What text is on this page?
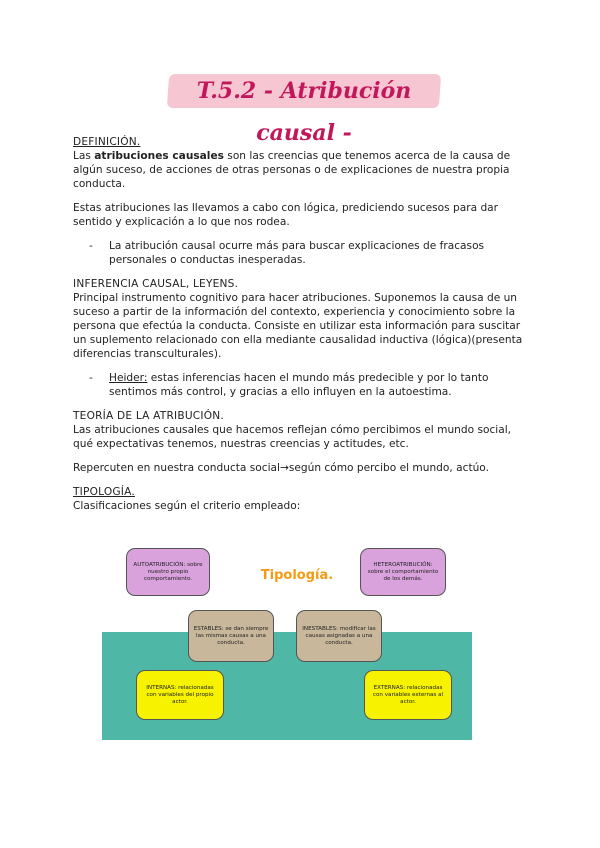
T.5.2 - Atribución causal -

DEFINICIÓN.

Las atribuciones causales son las creencias que tenemos acerca de la causa de algún suceso, de acciones de otras personas o de explicaciones de nuestra propia conducta.

Estas atribuciones las llevamos a cabo con lógica, prediciendo sucesos para dar sentido y explicación a lo que nos rodea.

-	La atribución causal ocurre más para buscar explicaciones de fracasos personales o conductas inesperadas.

INFERENCIA CAUSAL, LEYENS.

Principal instrumento cognitivo para hacer atribuciones. Suponemos la causa de un suceso a partir de la información del contexto, experiencia y conocimiento sobre la persona que efectúa la conducta. Consiste en utilizar esta información para suscitar un suplemento relacionado con ella mediante causalidad inductiva (lógica)(presenta diferencias transculturales).

-	Heider: estas inferencias hacen el mundo más predecible y por lo tanto sentimos más control, y gracias a ello influyen en la autoestima.

TEORÍA DE LA ATRIBUCIÓN.

Las atribuciones causales que hacemos reflejan cómo percibimos el mundo social, qué expectativas tenemos, nuestras creencias y actitudes, etc.

Repercuten en nuestra conducta social→según cómo percibo el mundo, actúo.

TIPOLOGÍA.

Clasificaciones según el criterio empleado:

Tipología.
AUTOATRIBUCIÓN: sobre nuestro propio comportamiento.
HETEROATRIBUCIÓN: sobre el comportamiento de los demás.
ESTABLES: se dan siempre las mismas causas a una conducta.
INESTABLES: modificar las causas asignadas a una conducta.
INTERNAS: relacionadas con variables del propio actor.
EXTERNAS: relacionadas con variables externas al actor.
